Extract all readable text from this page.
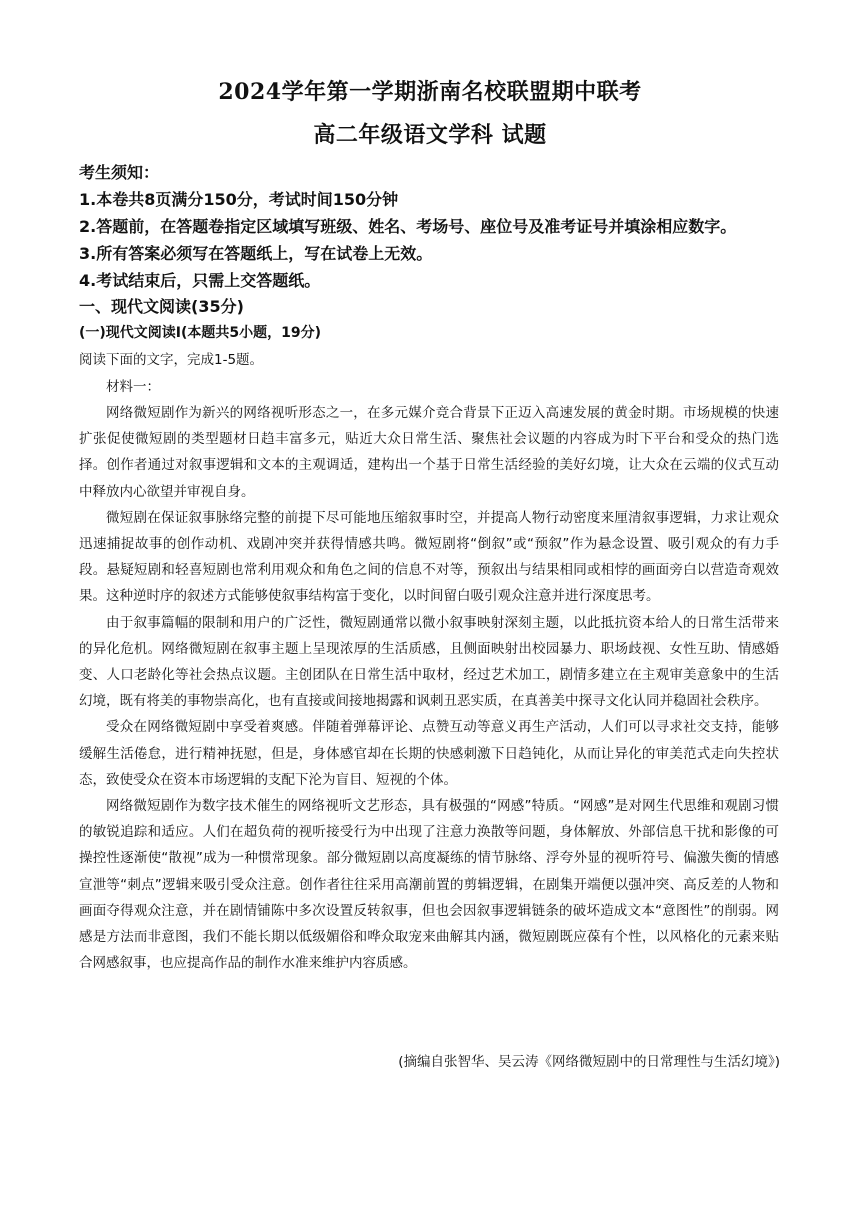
2024学年第一学期浙南名校联盟期中联考
高二年级语文学科 试题
考生须知：
1.本卷共8页满分150分，考试时间150分钟
2.答题前，在答题卷指定区域填写班级、姓名、考场号、座位号及准考证号并填涂相应数字。
3.所有答案必须写在答题纸上，写在试卷上无效。
4.考试结束后，只需上交答题纸。
一、现代文阅读(35分)
(一)现代文阅读Ⅰ(本题共5小题，19分)
阅读下面的文字，完成1-5题。
材料一：

网络微短剧作为新兴的网络视听形态之一，在多元媒介竞合背景下正迈入高速发展的黄金时期。市场规模的快速扩张促使微短剧的类型题材日趋丰富多元，贴近大众日常生活、聚焦社会议题的内容成为时下平台和受众的热门选择。创作者通过对叙事逻辑和文本的主观调适，建构出一个基于日常生活经验的美好幻境，让大众在云端的仪式互动中释放内心欲望并审视自身。

微短剧在保证叙事脉络完整的前提下尽可能地压缩叙事时空，并提高人物行动密度来厘清叙事逻辑，力求让观众迅速捕捉故事的创作动机、戏剧冲突并获得情感共鸣。微短剧将“倒叙”或“预叙”作为悬念设置、吸引观众的有力手段。悬疑短剧和轻喜短剧也常利用观众和角色之间的信息不对等，预叙出与结果相同或相悖的画面旁白以营造奇观效果。这种逆时序的叙述方式能够使叙事结构富于变化，以时间留白吸引观众注意并进行深度思考。

由于叙事篇幅的限制和用户的广泛性，微短剧通常以微小叙事映射深刻主题，以此抵抗资本给人的日常生活带来的异化危机。网络微短剧在叙事主题上呈现浓厚的生活质感，且侧面映射出校园暴力、职场歧视、女性互助、情感婚变、人口老龄化等社会热点议题。主创团队在日常生活中取材，经过艺术加工，剧情多建立在主观审美意象中的生活幻境，既有将美的事物崇高化，也有直接或间接地揭露和讽刺丑恶实质，在真善美中探寻文化认同并稳固社会秩序。

受众在网络微短剧中享受着爽感。伴随着弹幕评论、点赞互动等意义再生产活动，人们可以寻求社交支持，能够缓解生活倦怠，进行精神抚慰，但是，身体感官却在长期的快感刺激下日趋钝化，从而让异化的审美范式走向失控状态，致使受众在资本市场逻辑的支配下沦为盲目、短视的个体。

网络微短剧作为数字技术催生的网络视听文艺形态，具有极强的“网感”特质。“网感”是对网生代思维和观剧习惯的敏锐追踪和适应。人们在超负荷的视听接受行为中出现了注意力涣散等问题，身体解放、外部信息干扰和影像的可操控性逐渐使“散视”成为一种惯常现象。部分微短剧以高度凝练的情节脉络、浮夸外显的视听符号、偏激失衡的情感宣泄等“刺点”逻辑来吸引受众注意。创作者往往采用高潮前置的剪辑逻辑，在剧集开端便以强冲突、高反差的人物和画面夺得观众注意，并在剧情铺陈中多次设置反转叙事，但也会因叙事逻辑链条的破坏造成文本“意图性”的削弱。网感是方法而非意图，我们不能长期以低级媚俗和哗众取宠来曲解其内涵，微短剧既应葆有个性，以风格化的元素来贴合网感叙事，也应提高作品的制作水准来维护内容质感。

(摘编自张智华、吴云涛《网络微短剧中的日常理性与生活幻境》)
